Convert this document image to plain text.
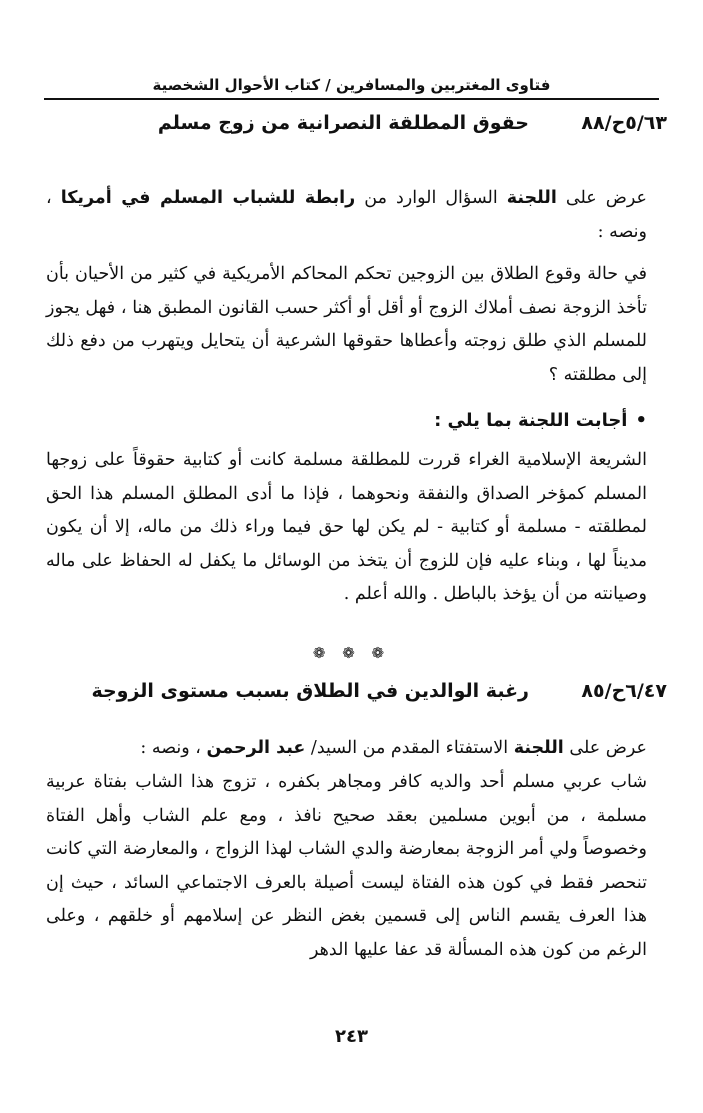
فتاوى المغتربين والمسافرين / كتاب الأحوال الشخصية
٥/٦٣ح/٨٨حقوق المطلقة النصرانية من زوج مسلم

عرض على اللجنة السؤال الوارد من رابطة للشباب المسلم في أمريكا ، ونصه :

في حالة وقوع الطلاق بين الزوجين تحكم المحاكم الأمريكية في كثير من الأحيان بأن تأخذ الزوجة نصف أملاك الزوج أو أقل أو أكثر حسب القانون المطبق هنا ، فهل يجوز للمسلم الذي طلق زوجته وأعطاها حقوقها الشرعية أن يتحايل ويتهرب من دفع ذلك إلى مطلقته ؟

•أجابت اللجنة بما يلي :

الشريعة الإسلامية الغراء قررت للمطلقة مسلمة كانت أو كتابية حقوقاً على زوجها المسلم كمؤخر الصداق والنفقة ونحوهما ، فإذا ما أدى المطلق المسلم هذا الحق لمطلقته - مسلمة أو كتابية - لم يكن لها حق فيما وراء ذلك من ماله، إلا أن يكون مديناً لها ، وبناء عليه فإن للزوج أن يتخذ من الوسائل ما يكفل له الحفاظ على ماله وصيانته من أن يؤخذ بالباطل . والله أعلم .

❁ ❁ ❁
٦/٤٧ح/٨٥رغبة الوالدين في الطلاق بسبب مستوى الزوجة

عرض على اللجنة الاستفتاء المقدم من السيد/ عبد الرحمن ، ونصه :

شاب عربي مسلم أحد والديه كافر ومجاهر بكفره ، تزوج هذا الشاب بفتاة عربية مسلمة ، من أبوين مسلمين بعقد صحيح نافذ ، ومع علم الشاب وأهل الفتاة وخصوصاً ولي أمر الزوجة بمعارضة والدي الشاب لهذا الزواج ، والمعارضة التي كانت تنحصر فقط في كون هذه الفتاة ليست أصيلة بالعرف الاجتماعي السائد ، حيث إن هذا العرف يقسم الناس إلى قسمين بغض النظر عن إسلامهم أو خلقهم ، وعلى الرغم من كون هذه المسألة قد عفا عليها الدهر

٢٤٣
